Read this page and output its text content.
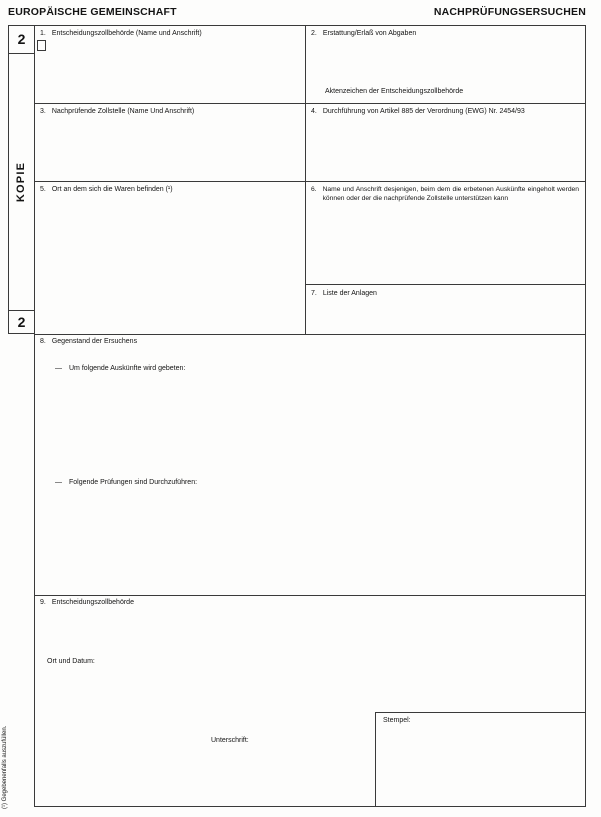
EUROPÄISCHE GEMEINSCHAFT	NACHPRÜFUNGSERSUCHEN
2
KOPIE
2
1. Entscheidungszollbehörde (Name und Anschrift)	2. Erstattung/Erlaß von Abgaben
Aktenzeichen der Entscheidungszollbehörde
3. Nachprüfende Zollstelle (Name Und Anschrift)	4. Durchführung von Artikel 885 der Verordnung (EWG) Nr. 2454/93
5. Ort an dem sich die Waren befinden (¹)	6. Name und Anschrift desjenigen, beim dem die erbetenen Auskünfte eingeholt werden können oder der die nachprüfende Zollstelle unterstützen kann
7. Liste der Anlagen
8. Gegenstand der Ersuchens
— Um folgende Auskünfte wird gebeten:
— Folgende Prüfungen sind Durchzuführen:
9. Entscheidungszollbehörde
Ort und Datum:
Unterschrift:
Stempel:
(¹) Gegebenenfalls auszufüllen.
